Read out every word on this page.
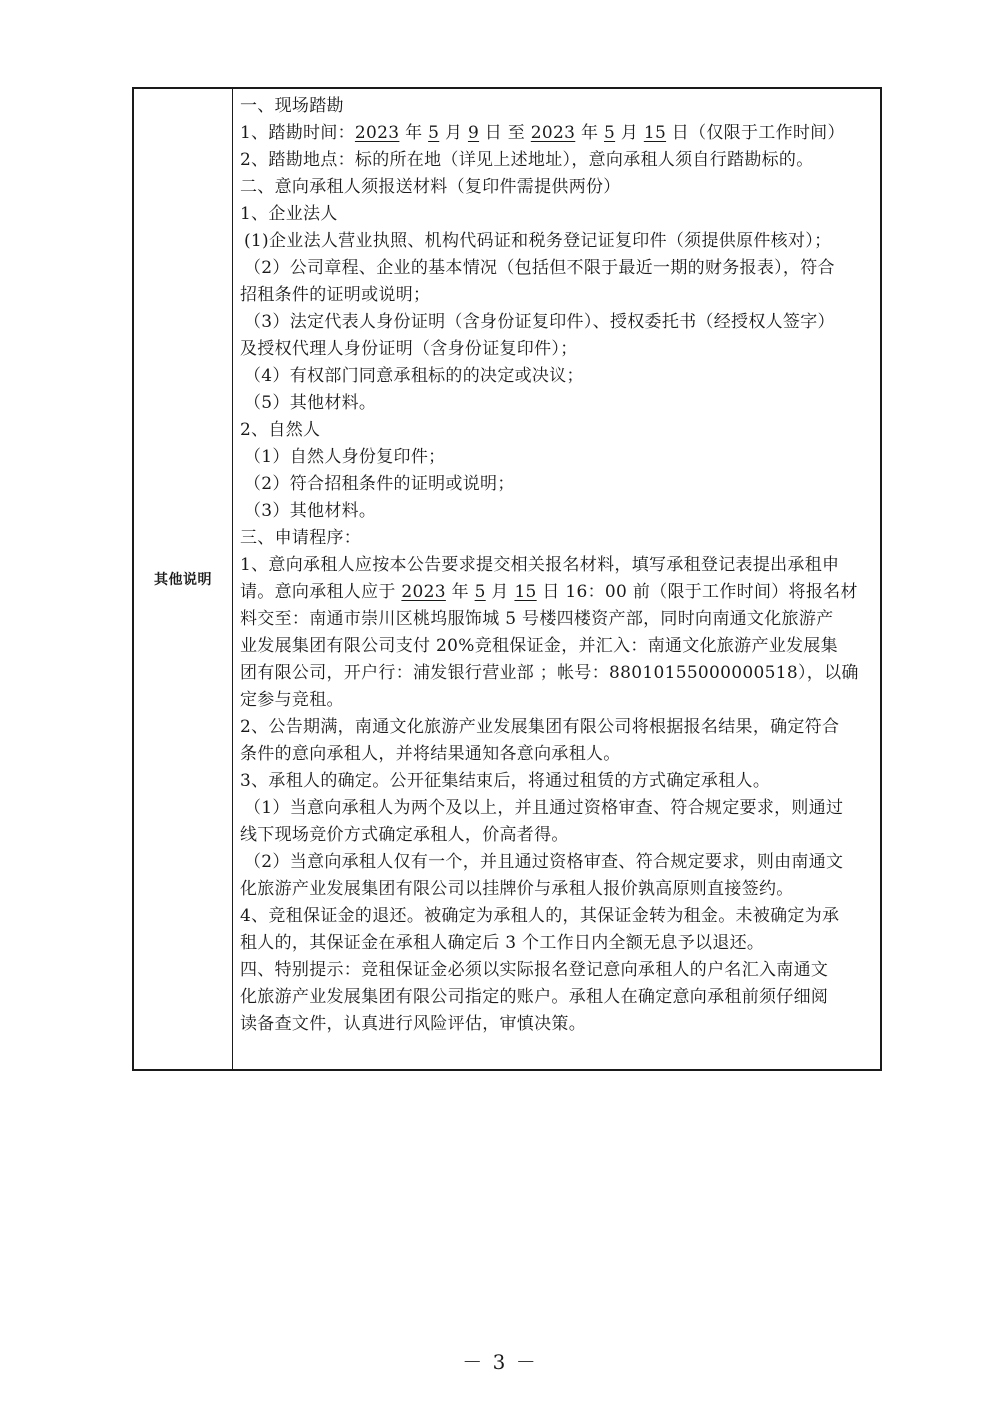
其他说明
一、现场踏勘
1、踏勘时间：2023 年 5 月 9 日 至 2023 年 5 月 15 日（仅限于工作时间）
2、踏勘地点：标的所在地（详见上述地址），意向承租人须自行踏勘标的。
二、意向承租人须报送材料（复印件需提供两份）
1、企业法人
(1)企业法人营业执照、机构代码证和税务登记证复印件（须提供原件核对）；
（2）公司章程、企业的基本情况（包括但不限于最近一期的财务报表），符合
招租条件的证明或说明；
（3）法定代表人身份证明（含身份证复印件）、授权委托书（经授权人签字）
及授权代理人身份证明（含身份证复印件）；
（4）有权部门同意承租标的的决定或决议；
（5）其他材料。
2、自然人
（1）自然人身份复印件；
（2）符合招租条件的证明或说明；
（3）其他材料。
三、申请程序：
1、意向承租人应按本公告要求提交相关报名材料，填写承租登记表提出承租申
请。意向承租人应于 2023 年 5 月 15 日 16：00 前（限于工作时间）将报名材
料交至：南通市崇川区桃坞服饰城 5 号楼四楼资产部，同时向南通文化旅游产
业发展集团有限公司支付 20%竞租保证金，并汇入：南通文化旅游产业发展集
团有限公司，开户行：浦发银行营业部 ；帐号：88010155000000518），以确
定参与竞租。
2、公告期满，南通文化旅游产业发展集团有限公司将根据报名结果，确定符合
条件的意向承租人，并将结果通知各意向承租人。
3、承租人的确定。公开征集结束后，将通过租赁的方式确定承租人。
（1）当意向承租人为两个及以上，并且通过资格审查、符合规定要求，则通过
线下现场竞价方式确定承租人，价高者得。
（2）当意向承租人仅有一个，并且通过资格审查、符合规定要求，则由南通文
化旅游产业发展集团有限公司以挂牌价与承租人报价孰高原则直接签约。
4、竞租保证金的退还。被确定为承租人的，其保证金转为租金。未被确定为承
租人的，其保证金在承租人确定后 3 个工作日内全额无息予以退还。
四、特别提示：竞租保证金必须以实际报名登记意向承租人的户名汇入南通文
化旅游产业发展集团有限公司指定的账户。承租人在确定意向承租前须仔细阅
读备查文件，认真进行风险评估，审慎决策。
－ 3 －
